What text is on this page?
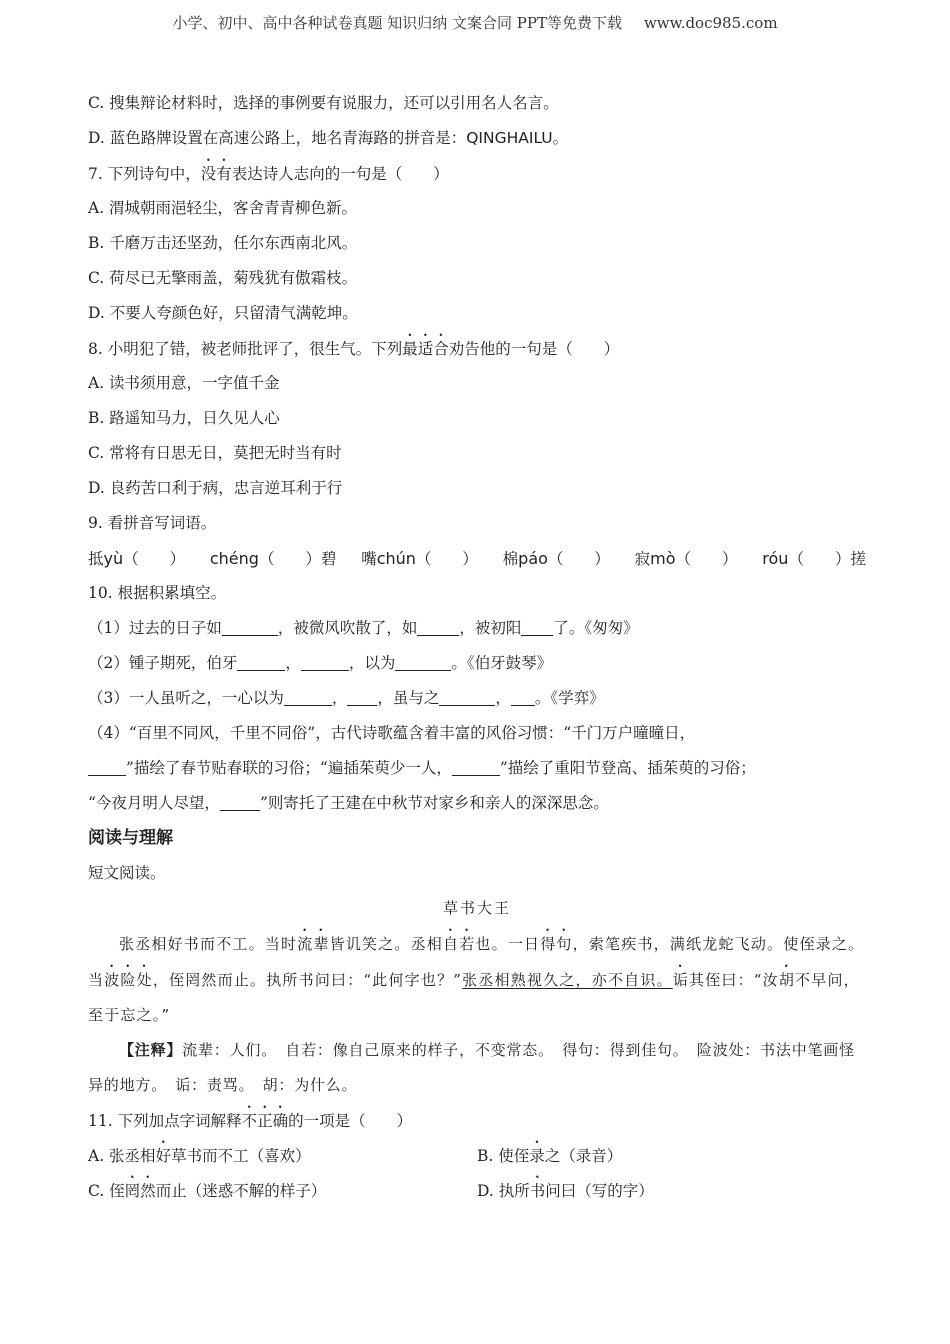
小学、初中、高中各种试卷真题 知识归纳 文案合同 PPT等免费下载 www.doc985.com
C. 搜集辩论材料时，选择的事例要有说服力，还可以引用名人名言。
D. 蓝色路牌设置在高速公路上，地名青海路的拼音是：QINGHAILU。
7. 下列诗句中，没有表达诗人志向的一句是（　　）
A. 渭城朝雨浥轻尘，客舍青青柳色新。
B. 千磨万击还坚劲，任尔东西南北风。
C. 荷尽已无擎雨盖，菊残犹有傲霜枝。
D. 不要人夸颜色好，只留清气满乾坤。
8. 小明犯了错，被老师批评了，很生气。下列最适合劝告他的一句是（　　）
A. 读书须用意，一字值千金
B. 路遥知马力，日久见人心
C. 常将有日思无日，莫把无时当有时
D. 良药苦口利于病，忠言逆耳利于行
9. 看拼音写词语。
抵yù（　　） chéng（　　）碧 嘴chún（　　） 棉páo（　　） 寂mò（　　） róu（　　）搓
10. 根据积累填空。
（1）过去的日子如	，被微风吹散了，如	，被初阳 了。《匆匆》
（2）锺子期死，伯牙	，	，以为	。《伯牙鼓琴》
（3）一人虽听之，一心以为	， ，虽与之	， 。《学弈》
（4）“百里不同风，千里不同俗”，古代诗歌蕴含着丰富的风俗习惯：“千门万户曈曈日，
”描绘了春节贴春联的习俗；“遍插茱萸少一人，	”描绘了重阳节登高、插茱萸的习俗；
“今夜月明人尽望，	”则寄托了王建在中秋节对家乡和亲人的深深思念。
阅读与理解
短文阅读。
草书大王
张丞相好书而不工。当时流辈皆讥笑之。丞相自若也。一日得句，索笔疾书，满纸龙蛇飞动。使侄录之。当波险处，侄罔然而止。执所书问曰：“此何字也？”张丞相熟视久之，亦不自识。诟其侄曰：“汝胡不早问，至于忘之。”
【注释】流辈：人们。　自若：像自己原来的样子，不变常态。　得句：得到佳句。　险波处：书法中笔画怪异的地方。　诟：责骂。　胡：为什么。
11. 下列加点字词解释不正确的一项是（　　）
A. 张丞相好草书而不工（喜欢）	B. 使侄录之（录音）
C. 侄罔然而止（迷惑不解的样子）	D. 执所书问曰（写的字）
